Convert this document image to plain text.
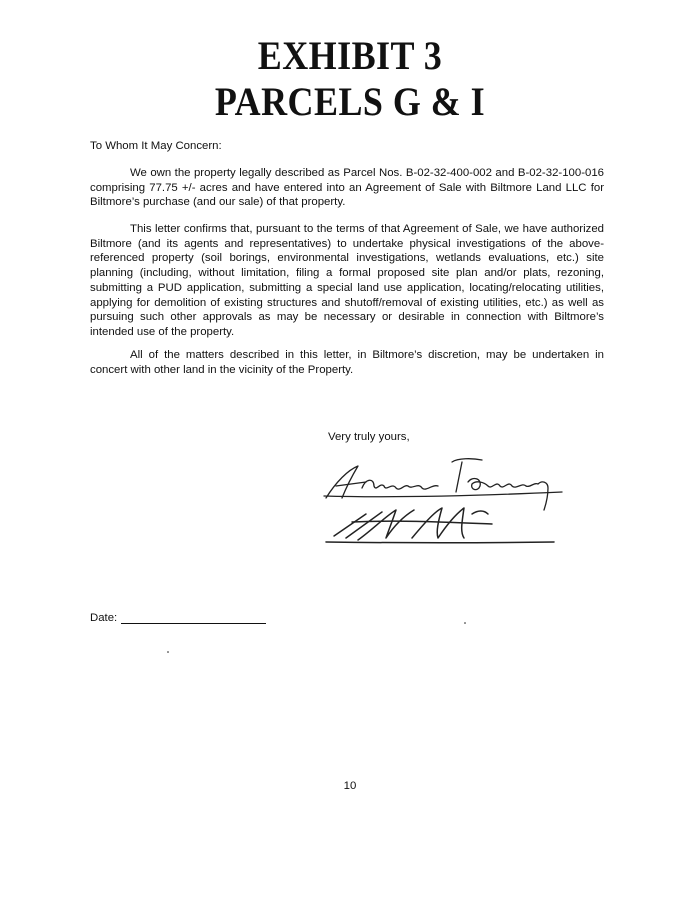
EXHIBIT 3
PARCELS G & I
To Whom It May Concern:
We own the property legally described as Parcel Nos. B-02-32-400-002 and B-02-32-100-016 comprising 77.75 +/- acres and have entered into an Agreement of Sale with Biltmore Land LLC for Biltmore’s purchase (and our sale) of that property.
This letter confirms that, pursuant to the terms of that Agreement of Sale, we have authorized Biltmore (and its agents and representatives) to undertake physical investigations of the above-referenced property (soil borings, environmental investigations, wetlands evaluations, etc.) site planning (including, without limitation, filing a formal proposed site plan and/or plats, rezoning, submitting a PUD application, submitting a special land use application, locating/relocating utilities, applying for demolition of existing structures and shutoff/removal of existing utilities, etc.) as well as pursuing such other approvals as may be necessary or desirable in connection with Biltmore’s intended use of the property.
All of the matters described in this letter, in Biltmore’s discretion, may be undertaken in concert with other land in the vicinity of the Property.
Very truly yours,
Date:
10
